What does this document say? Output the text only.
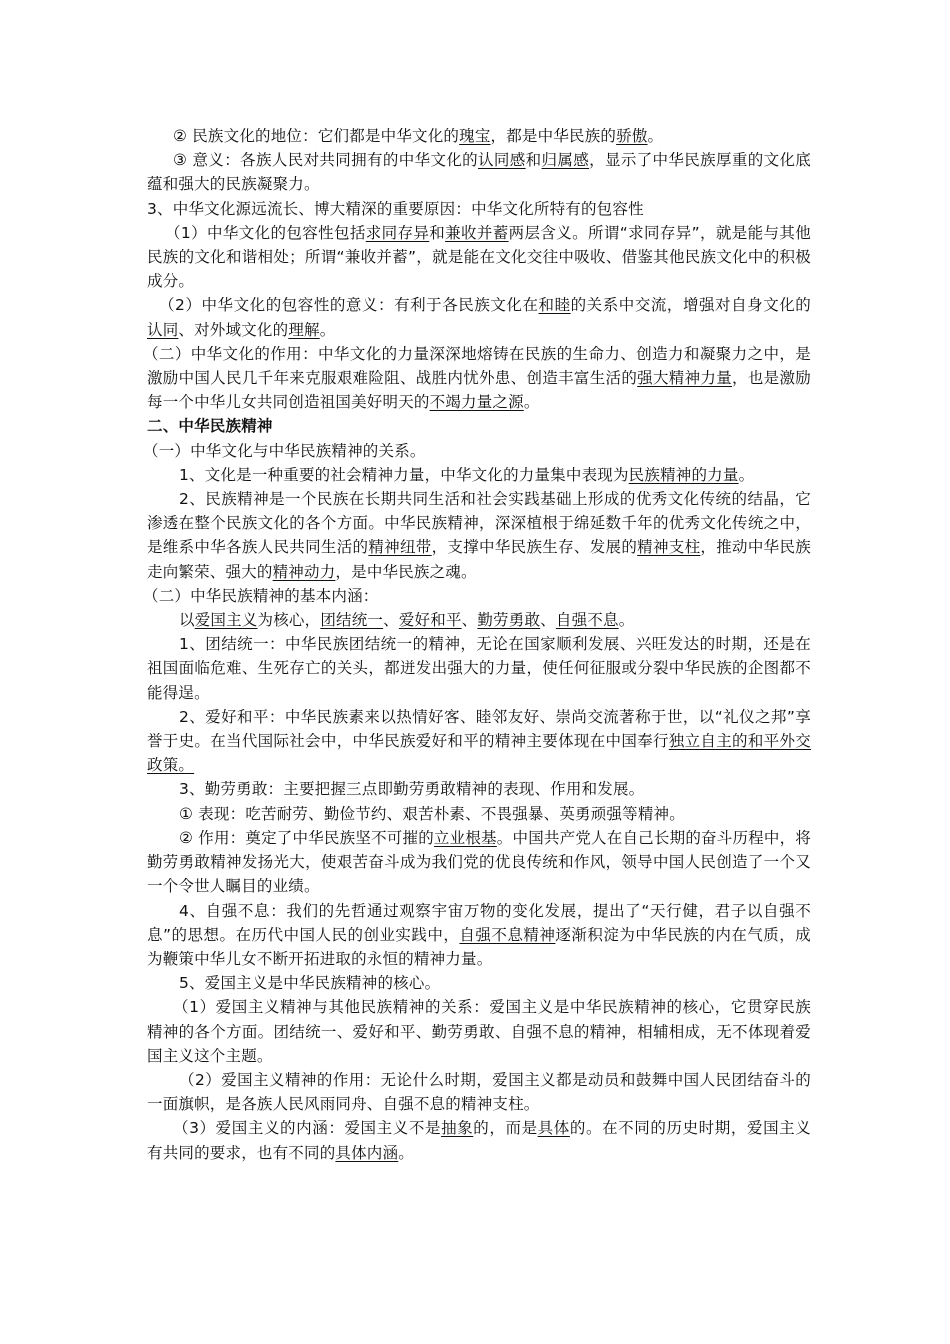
② 民族文化的地位：它们都是中华文化的瑰宝，都是中华民族的骄傲。

③ 意义：各族人民对共同拥有的中华文化的认同感和归属感，显示了中华民族厚重的文化底蕴和强大的民族凝聚力。

3、中华文化源远流长、博大精深的重要原因：中华文化所特有的包容性

（1）中华文化的包容性包括求同存异和兼收并蓄两层含义。所谓“求同存异”，就是能与其他民族的文化和谐相处；所谓“兼收并蓄”，就是能在文化交往中吸收、借鉴其他民族文化中的积极成分。

（2）中华文化的包容性的意义：有利于各民族文化在和睦的关系中交流，增强对自身文化的认同、对外域文化的理解。

（二）中华文化的作用：中华文化的力量深深地熔铸在民族的生命力、创造力和凝聚力之中，是激励中国人民几千年来克服艰难险阻、战胜内忧外患、创造丰富生活的强大精神力量，也是激励每一个中华儿女共同创造祖国美好明天的不竭力量之源。

二、中华民族精神

（一）中华文化与中华民族精神的关系。

1、文化是一种重要的社会精神力量，中华文化的力量集中表现为民族精神的力量。

2、民族精神是一个民族在长期共同生活和社会实践基础上形成的优秀文化传统的结晶，它渗透在整个民族文化的各个方面。中华民族精神，深深植根于绵延数千年的优秀文化传统之中，是维系中华各族人民共同生活的精神纽带，支撑中华民族生存、发展的精神支柱，推动中华民族走向繁荣、强大的精神动力，是中华民族之魂。

（二）中华民族精神的基本内涵：

以爱国主义为核心，团结统一、爱好和平、勤劳勇敢、自强不息。

1、团结统一：中华民族团结统一的精神，无论在国家顺利发展、兴旺发达的时期，还是在祖国面临危难、生死存亡的关头，都迸发出强大的力量，使任何征服或分裂中华民族的企图都不能得逞。

2、爱好和平：中华民族素来以热情好客、睦邻友好、崇尚交流著称于世，以“礼仪之邦”享誉于史。在当代国际社会中，中华民族爱好和平的精神主要体现在中国奉行独立自主的和平外交政策。

3、勤劳勇敢：主要把握三点即勤劳勇敢精神的表现、作用和发展。

① 表现：吃苦耐劳、勤俭节约、艰苦朴素、不畏强暴、英勇顽强等精神。

② 作用：奠定了中华民族坚不可摧的立业根基。中国共产党人在自己长期的奋斗历程中，将勤劳勇敢精神发扬光大，使艰苦奋斗成为我们党的优良传统和作风，领导中国人民创造了一个又一个令世人瞩目的业绩。

4、自强不息：我们的先哲通过观察宇宙万物的变化发展，提出了“天行健，君子以自强不息”的思想。在历代中国人民的创业实践中，自强不息精神逐渐积淀为中华民族的内在气质，成为鞭策中华儿女不断开拓进取的永恒的精神力量。

5、爱国主义是中华民族精神的核心。

（1）爱国主义精神与其他民族精神的关系：爱国主义是中华民族精神的核心，它贯穿民族精神的各个方面。团结统一、爱好和平、勤劳勇敢、自强不息的精神，相辅相成，无不体现着爱国主义这个主题。

（2）爱国主义精神的作用：无论什么时期，爱国主义都是动员和鼓舞中国人民团结奋斗的一面旗帜，是各族人民风雨同舟、自强不息的精神支柱。

（3）爱国主义的内涵：爱国主义不是抽象的，而是具体的。在不同的历史时期，爱国主义有共同的要求，也有不同的具体内涵。
